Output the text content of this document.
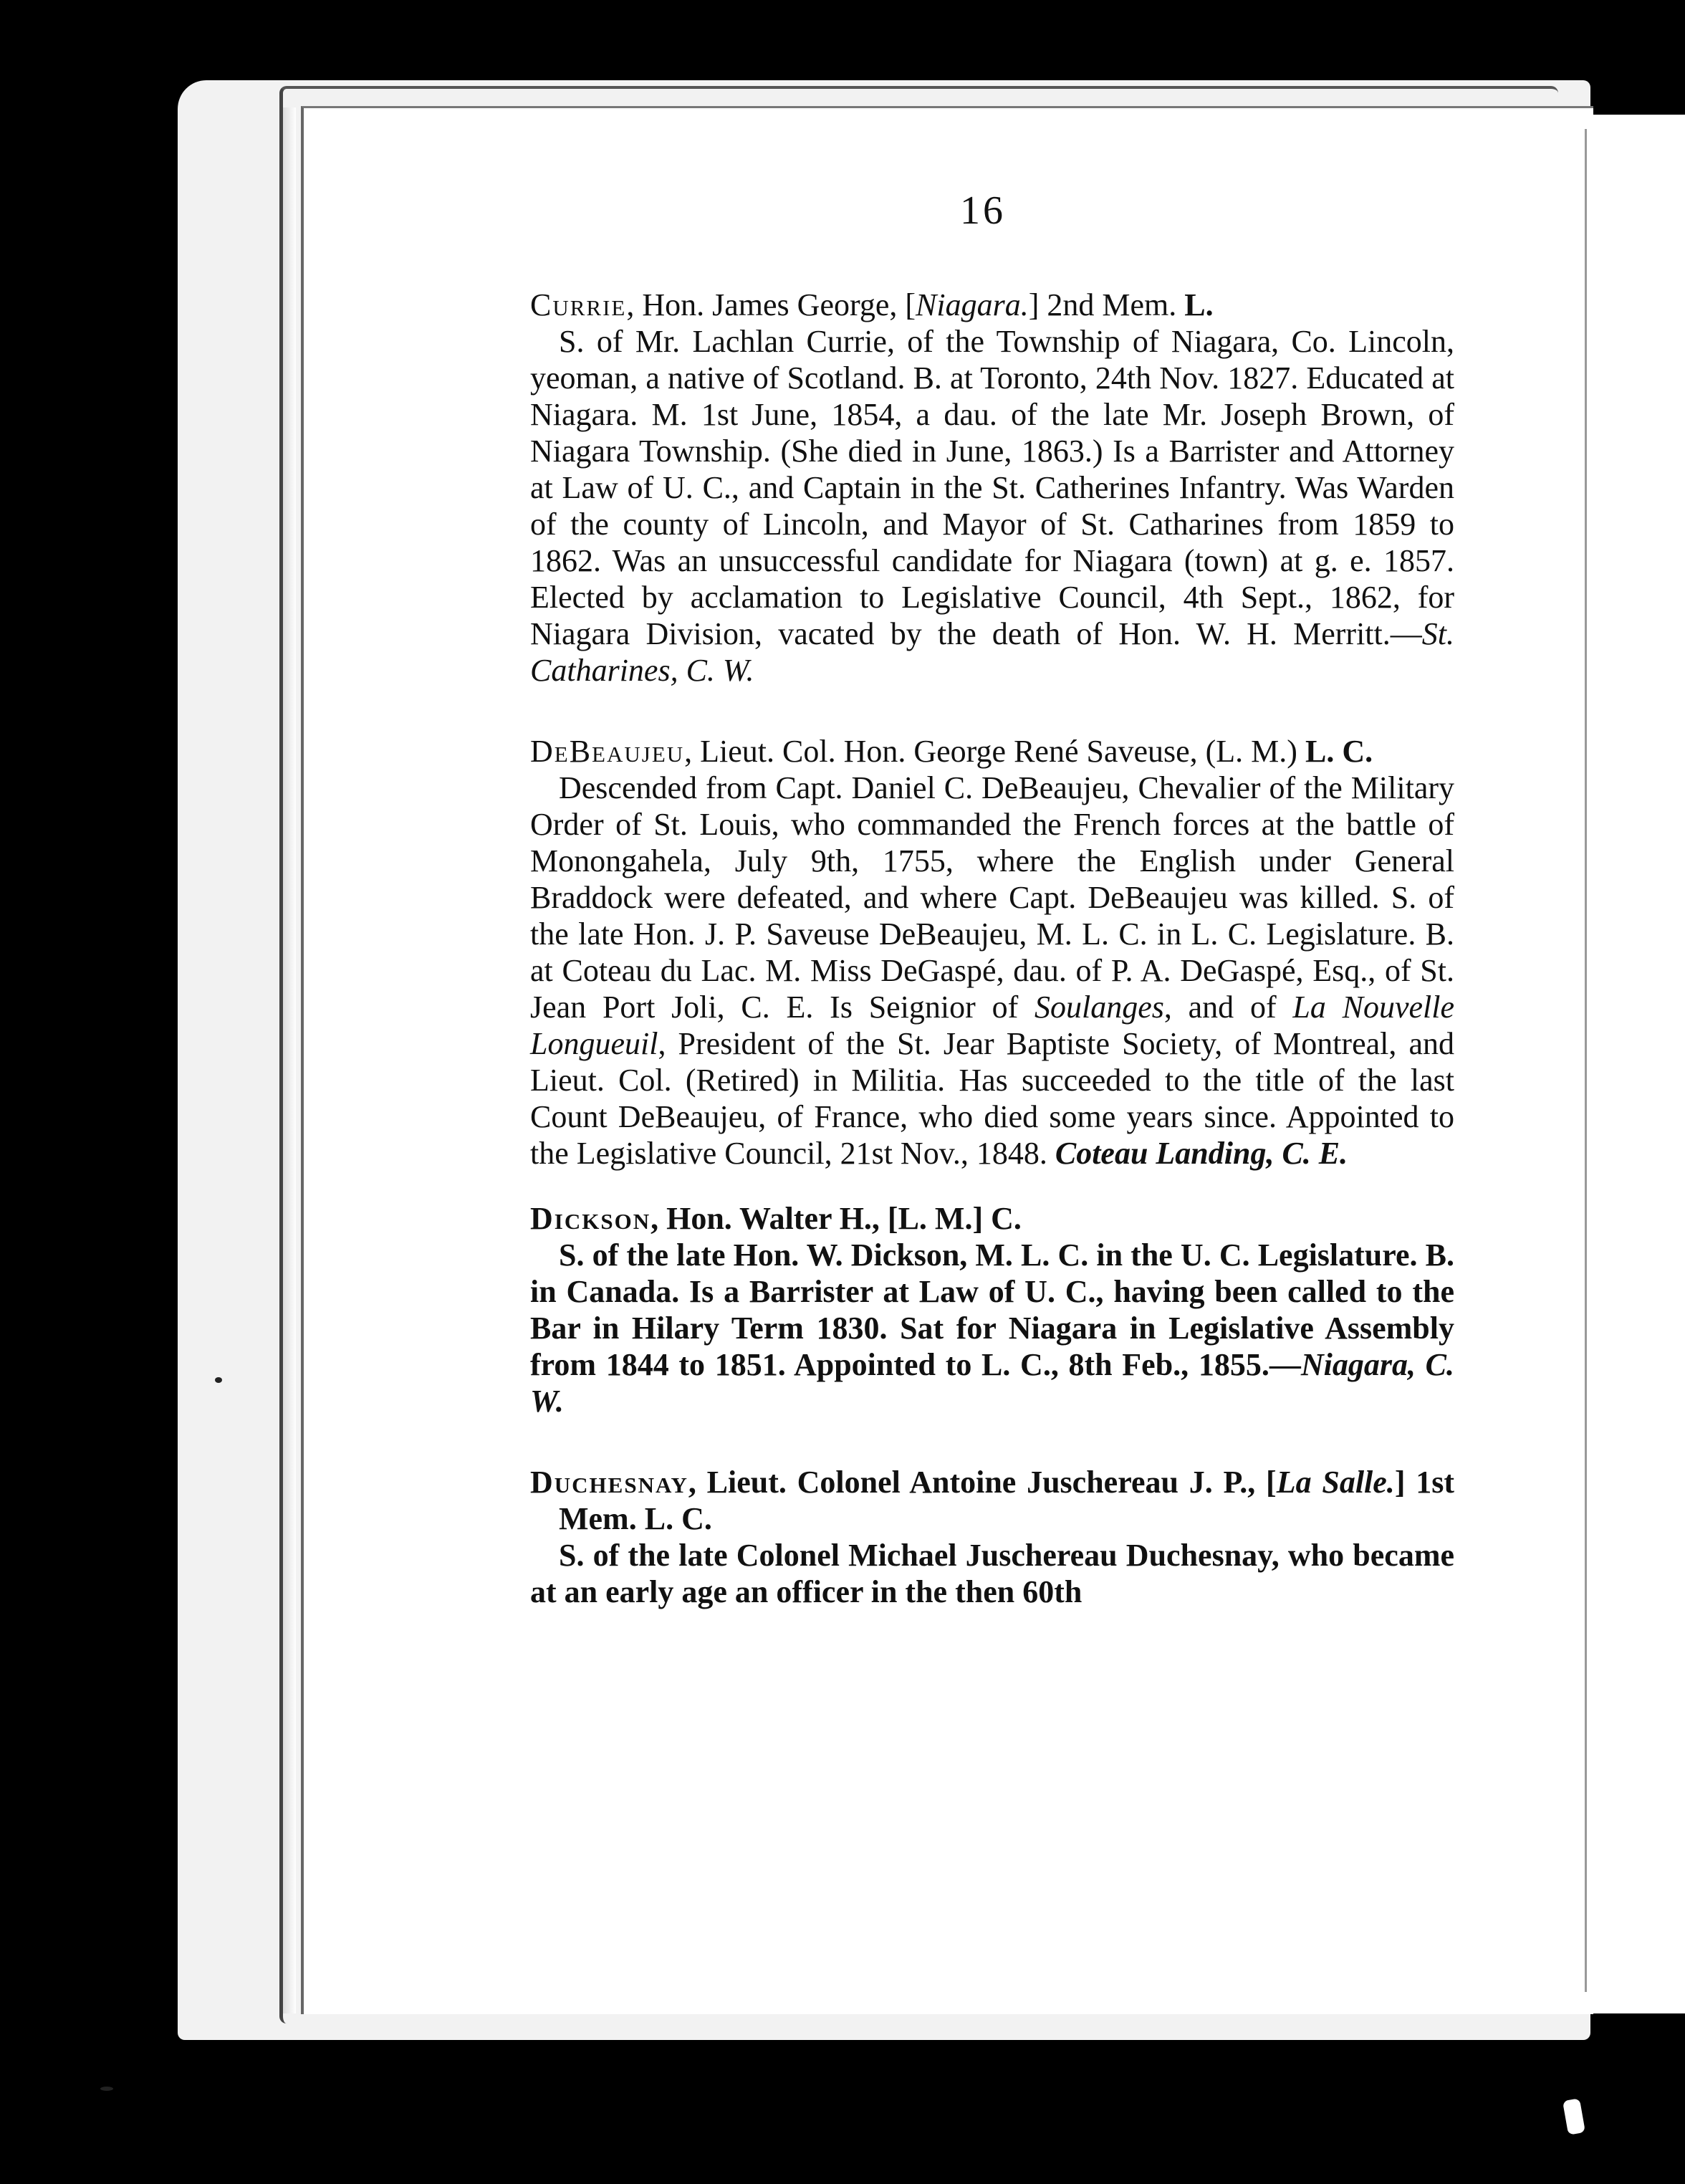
16

Currie, Hon. James George, [Niagara.] 2nd Mem. L.

S. of Mr. Lachlan Currie, of the Township of Niagara, Co. Lincoln, yeoman, a native of Scotland. B. at Toronto, 24th Nov. 1827. Educated at Niagara. M. 1st June, 1854, a dau. of the late Mr. Joseph Brown, of Niagara Township. (She died in June, 1863.) Is a Barrister and Attorney at Law of U. C., and Captain in the St. Catherines Infantry. Was Warden of the county of Lincoln, and Mayor of St. Catharines from 1859 to 1862. Was an unsuccessful candidate for Niagara (town) at g. e. 1857. Elected by acclamation to Legislative Council, 4th Sept., 1862, for Niagara Division, vacated by the death of Hon. W. H. Merritt.—St. Catharines, C. W.

DeBeaujeu, Lieut. Col. Hon. George René Saveuse, (L. M.) L. C.

Descended from Capt. Daniel C. DeBeaujeu, Chevalier of the Military Order of St. Louis, who commanded the French forces at the battle of Monongahela, July 9th, 1755, where the English under General Braddock were defeated, and where Capt. DeBeaujeu was killed. S. of the late Hon. J. P. Saveuse DeBeaujeu, M. L. C. in L. C. Legislature. B. at Coteau du Lac. M. Miss DeGaspé, dau. of P. A. DeGaspé, Esq., of St. Jean Port Joli, C. E. Is Seignior of Soulanges, and of La Nouvelle Longueuil, President of the St. Jear Baptiste Society, of Montreal, and Lieut. Col. (Retired) in Militia. Has succeeded to the title of the last Count DeBeaujeu, of France, who died some years since. Appointed to the Legislative Council, 21st Nov., 1848. Coteau Landing, C. E.

Dickson, Hon. Walter H., [L. M.] C.

S. of the late Hon. W. Dickson, M. L. C. in the U. C. Legislature. B. in Canada. Is a Barrister at Law of U. C., having been called to the Bar in Hilary Term 1830. Sat for Niagara in Legislative Assembly from 1844 to 1851. Appointed to L. C., 8th Feb., 1855.—Niagara, C. W.

Duchesnay, Lieut. Colonel Antoine Juschereau J. P., [La Salle.] 1st Mem. L. C.

S. of the late Colonel Michael Juschereau Duchesnay, who became at an early age an officer in the then 60th
